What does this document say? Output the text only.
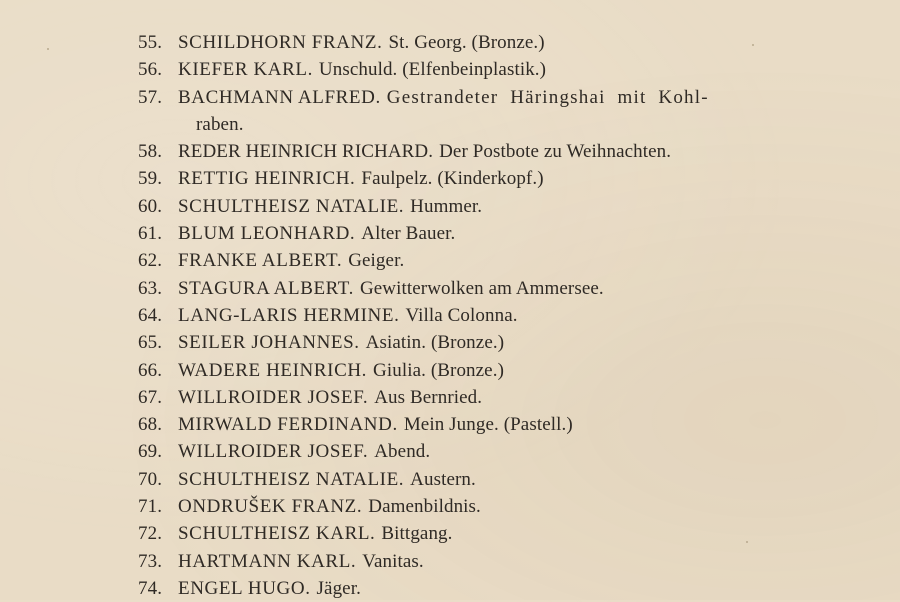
55. SCHILDHORN FRANZ. St. Georg. (Bronze.)
56. KIEFER KARL. Unschuld. (Elfenbeinplastik.)
57. BACHMANN ALFRED. Gestrandeter Häringshai mit Kohl-
raben.
58. REDER HEINRICH RICHARD. Der Postbote zu Weihnachten.
59. RETTIG HEINRICH. Faulpelz. (Kinderkopf.)
60. SCHULTHEISZ NATALIE. Hummer.
61. BLUM LEONHARD. Alter Bauer.
62. FRANKE ALBERT. Geiger.
63. STAGURA ALBERT. Gewitterwolken am Ammersee.
64. LANG-LARIS HERMINE. Villa Colonna.
65. SEILER JOHANNES. Asiatin. (Bronze.)
66. WADERE HEINRICH. Giulia. (Bronze.)
67. WILLROIDER JOSEF. Aus Bernried.
68. MIRWALD FERDINAND. Mein Junge. (Pastell.)
69. WILLROIDER JOSEF. Abend.
70. SCHULTHEISZ NATALIE. Austern.
71. ONDRUŠEK FRANZ. Damenbildnis.
72. SCHULTHEISZ KARL. Bittgang.
73. HARTMANN KARL. Vanitas.
74. ENGEL HUGO. Jäger.
